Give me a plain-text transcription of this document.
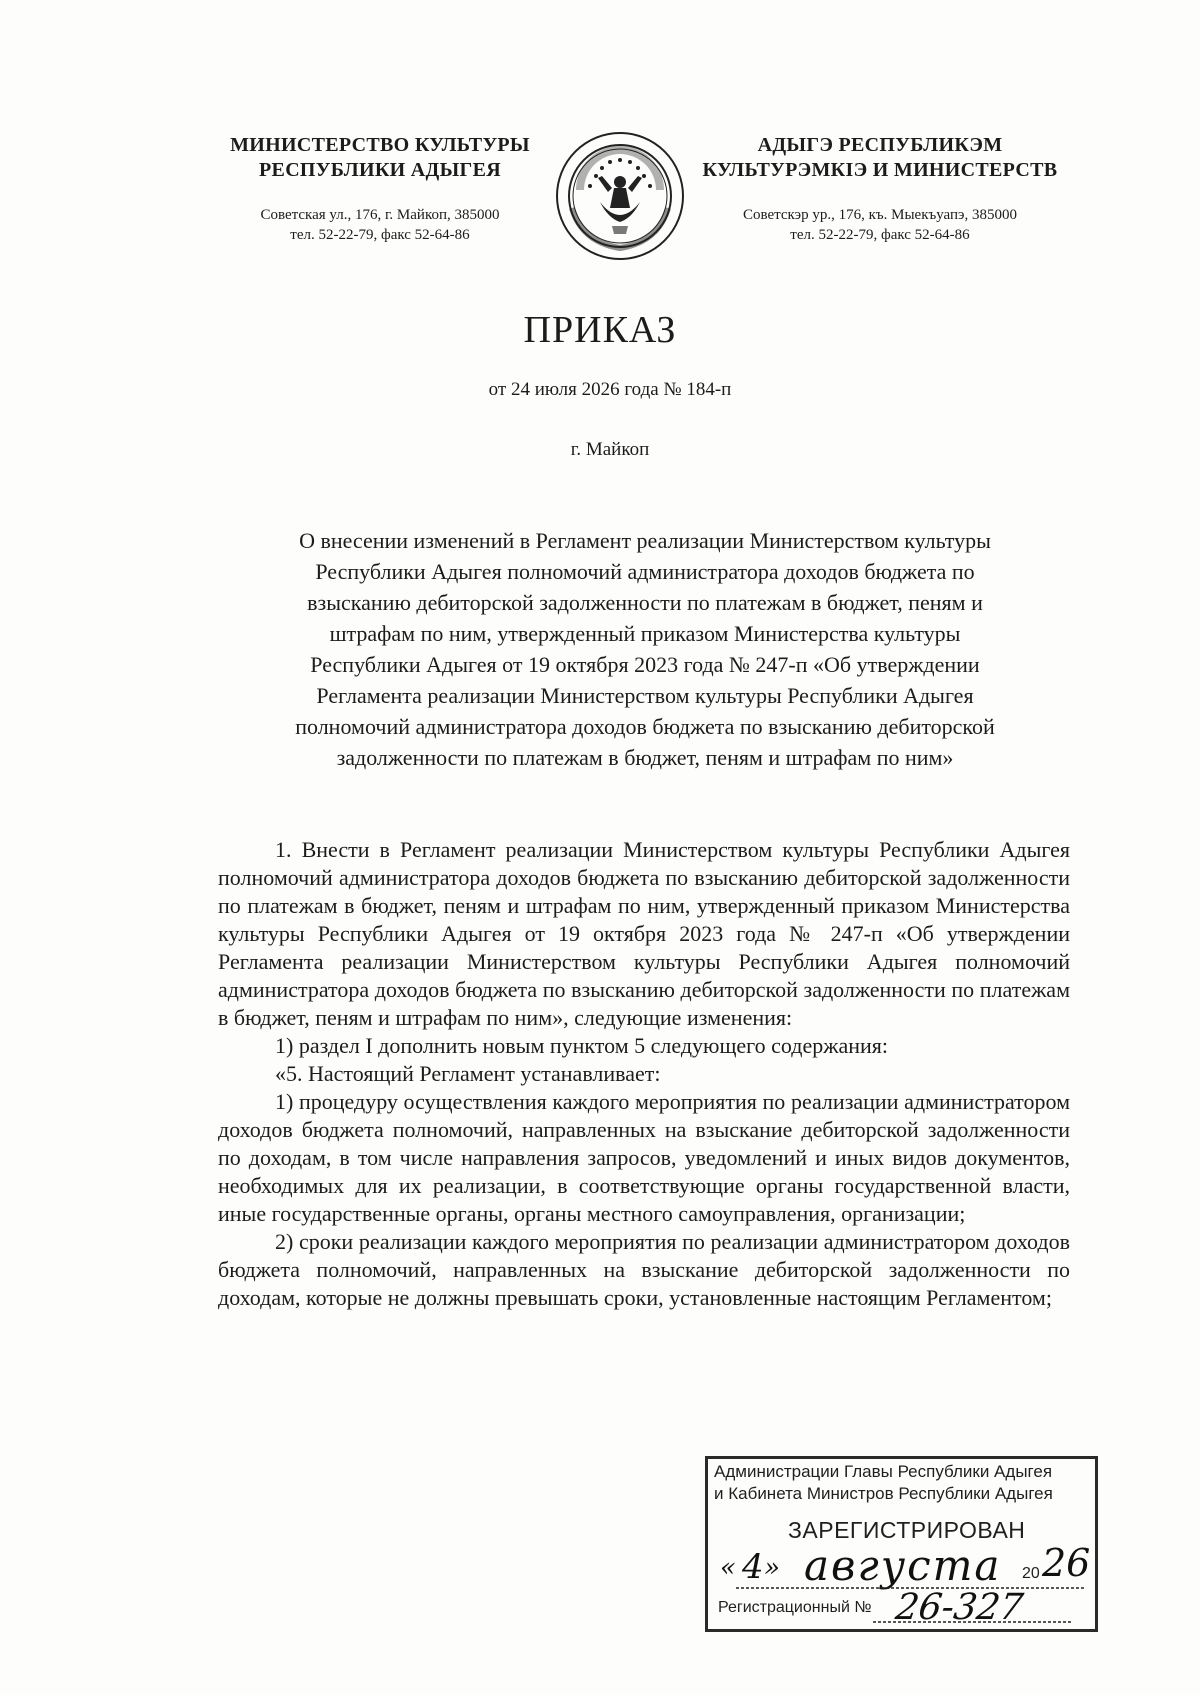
МИНИСТЕРСТВО КУЛЬТУРЫ
РЕСПУБЛИКИ АДЫГЕЯ
Советская ул., 176, г. Майкоп, 385000
тел. 52-22-79, факс 52-64-86
АДЫГЭ РЕСПУБЛИКЭМ
КУЛЬТУРЭМКIЭ И МИНИСТЕРСТВ
Советскэр ур., 176, къ. Мыекъуапэ, 385000
тел. 52-22-79, факс 52-64-86
ПРИКАЗ
от 24 июля 2026 года № 184-п
г. Майкоп
О внесении изменений в Регламент реализации Министерством культуры
Республики Адыгея полномочий администратора доходов бюджета по
взысканию дебиторской задолженности по платежам в бюджет, пеням и
штрафам по ним, утвержденный приказом Министерства культуры
Республики Адыгея от 19 октября 2023 года № 247-п «Об утверждении
Регламента реализации Министерством культуры Республики Адыгея
полномочий администратора доходов бюджета по взысканию дебиторской
задолженности по платежам в бюджет, пеням и штрафам по ним»

1. Внести в Регламент реализации Министерством культуры Республики Адыгея полномочий администратора доходов бюджета по взысканию дебиторской задолженности по платежам в бюджет, пеням и штрафам по ним, утвержденный приказом Министерства культуры Республики Адыгея от 19 октября 2023 года № 247-п «Об утверждении Регламента реализации Министерством культуры Республики Адыгея полномочий администратора доходов бюджета по взысканию дебиторской задолженности по платежам в бюджет, пеням и штрафам по ним», следующие изменения:

1) раздел I дополнить новым пунктом 5 следующего содержания:

«5. Настоящий Регламент устанавливает:

1) процедуру осуществления каждого мероприятия по реализации администратором доходов бюджета полномочий, направленных на взыскание дебиторской задолженности по доходам, в том числе направления запросов, уведомлений и иных видов документов, необходимых для их реализации, в соответствующие органы государственной власти, иные государственные органы, органы местного самоуправления, организации;

2) сроки реализации каждого мероприятия по реализации администратором доходов бюджета полномочий, направленных на взыскание дебиторской задолженности по доходам, которые не должны превышать сроки, установленные настоящим Регламентом;

Администрации Главы Республики Адыгея
и Кабинета Министров Республики Адыгея
ЗАРЕГИСТРИРОВАН
« 4 » августа 20 26
Регистрационный № 26-327
